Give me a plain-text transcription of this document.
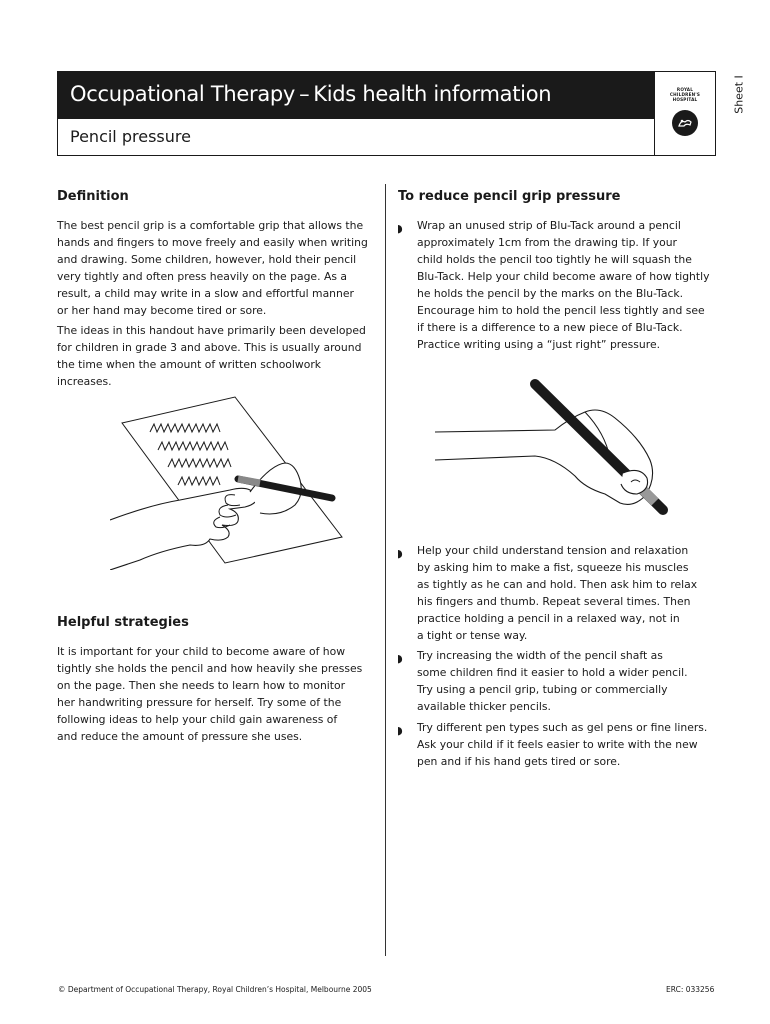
Occupational Therapy – Kids health information
Pencil pressure
ROYAL
CHILDREN'S
HOSPITAL	Sheet I
Definition
The best pencil grip is a comfortable grip that allows the
hands and fingers to move freely and easily when writing
and drawing. Some children, however, hold their pencil
very tightly and often press heavily on the page. As a
result, a child may write in a slow and effortful manner
or her hand may become tired or sore.
The ideas in this handout have primarily been developed
for children in grade 3 and above. This is usually around
the time when the amount of written schoolwork
increases.
Helpful strategies
It is important for your child to become aware of how
tightly she holds the pencil and how heavily she presses
on the page. Then she needs to learn how to monitor
her handwriting pressure for herself. Try some of the
following ideas to help your child gain awareness of
and reduce the amount of pressure she uses.
To reduce pencil grip pressure
◗ Wrap an unused strip of Blu-Tack around a pencil
approximately 1cm from the drawing tip. If your
child holds the pencil too tightly he will squash the
Blu-Tack. Help your child become aware of how tightly
he holds the pencil by the marks on the Blu-Tack.
Encourage him to hold the pencil less tightly and see
if there is a difference to a new piece of Blu-Tack.
Practice writing using a “just right” pressure.
◗ Help your child understand tension and relaxation
by asking him to make a fist, squeeze his muscles
as tightly as he can and hold. Then ask him to relax
his fingers and thumb. Repeat several times. Then
practice holding a pencil in a relaxed way, not in
a tight or tense way.
◗ Try increasing the width of the pencil shaft as
some children find it easier to hold a wider pencil.
Try using a pencil grip, tubing or commercially
available thicker pencils.
◗ Try different pen types such as gel pens or fine liners.
Ask your child if it feels easier to write with the new
pen and if his hand gets tired or sore.
© Department of Occupational Therapy, Royal Children’s Hospital, Melbourne 2005	ERC: 033256
